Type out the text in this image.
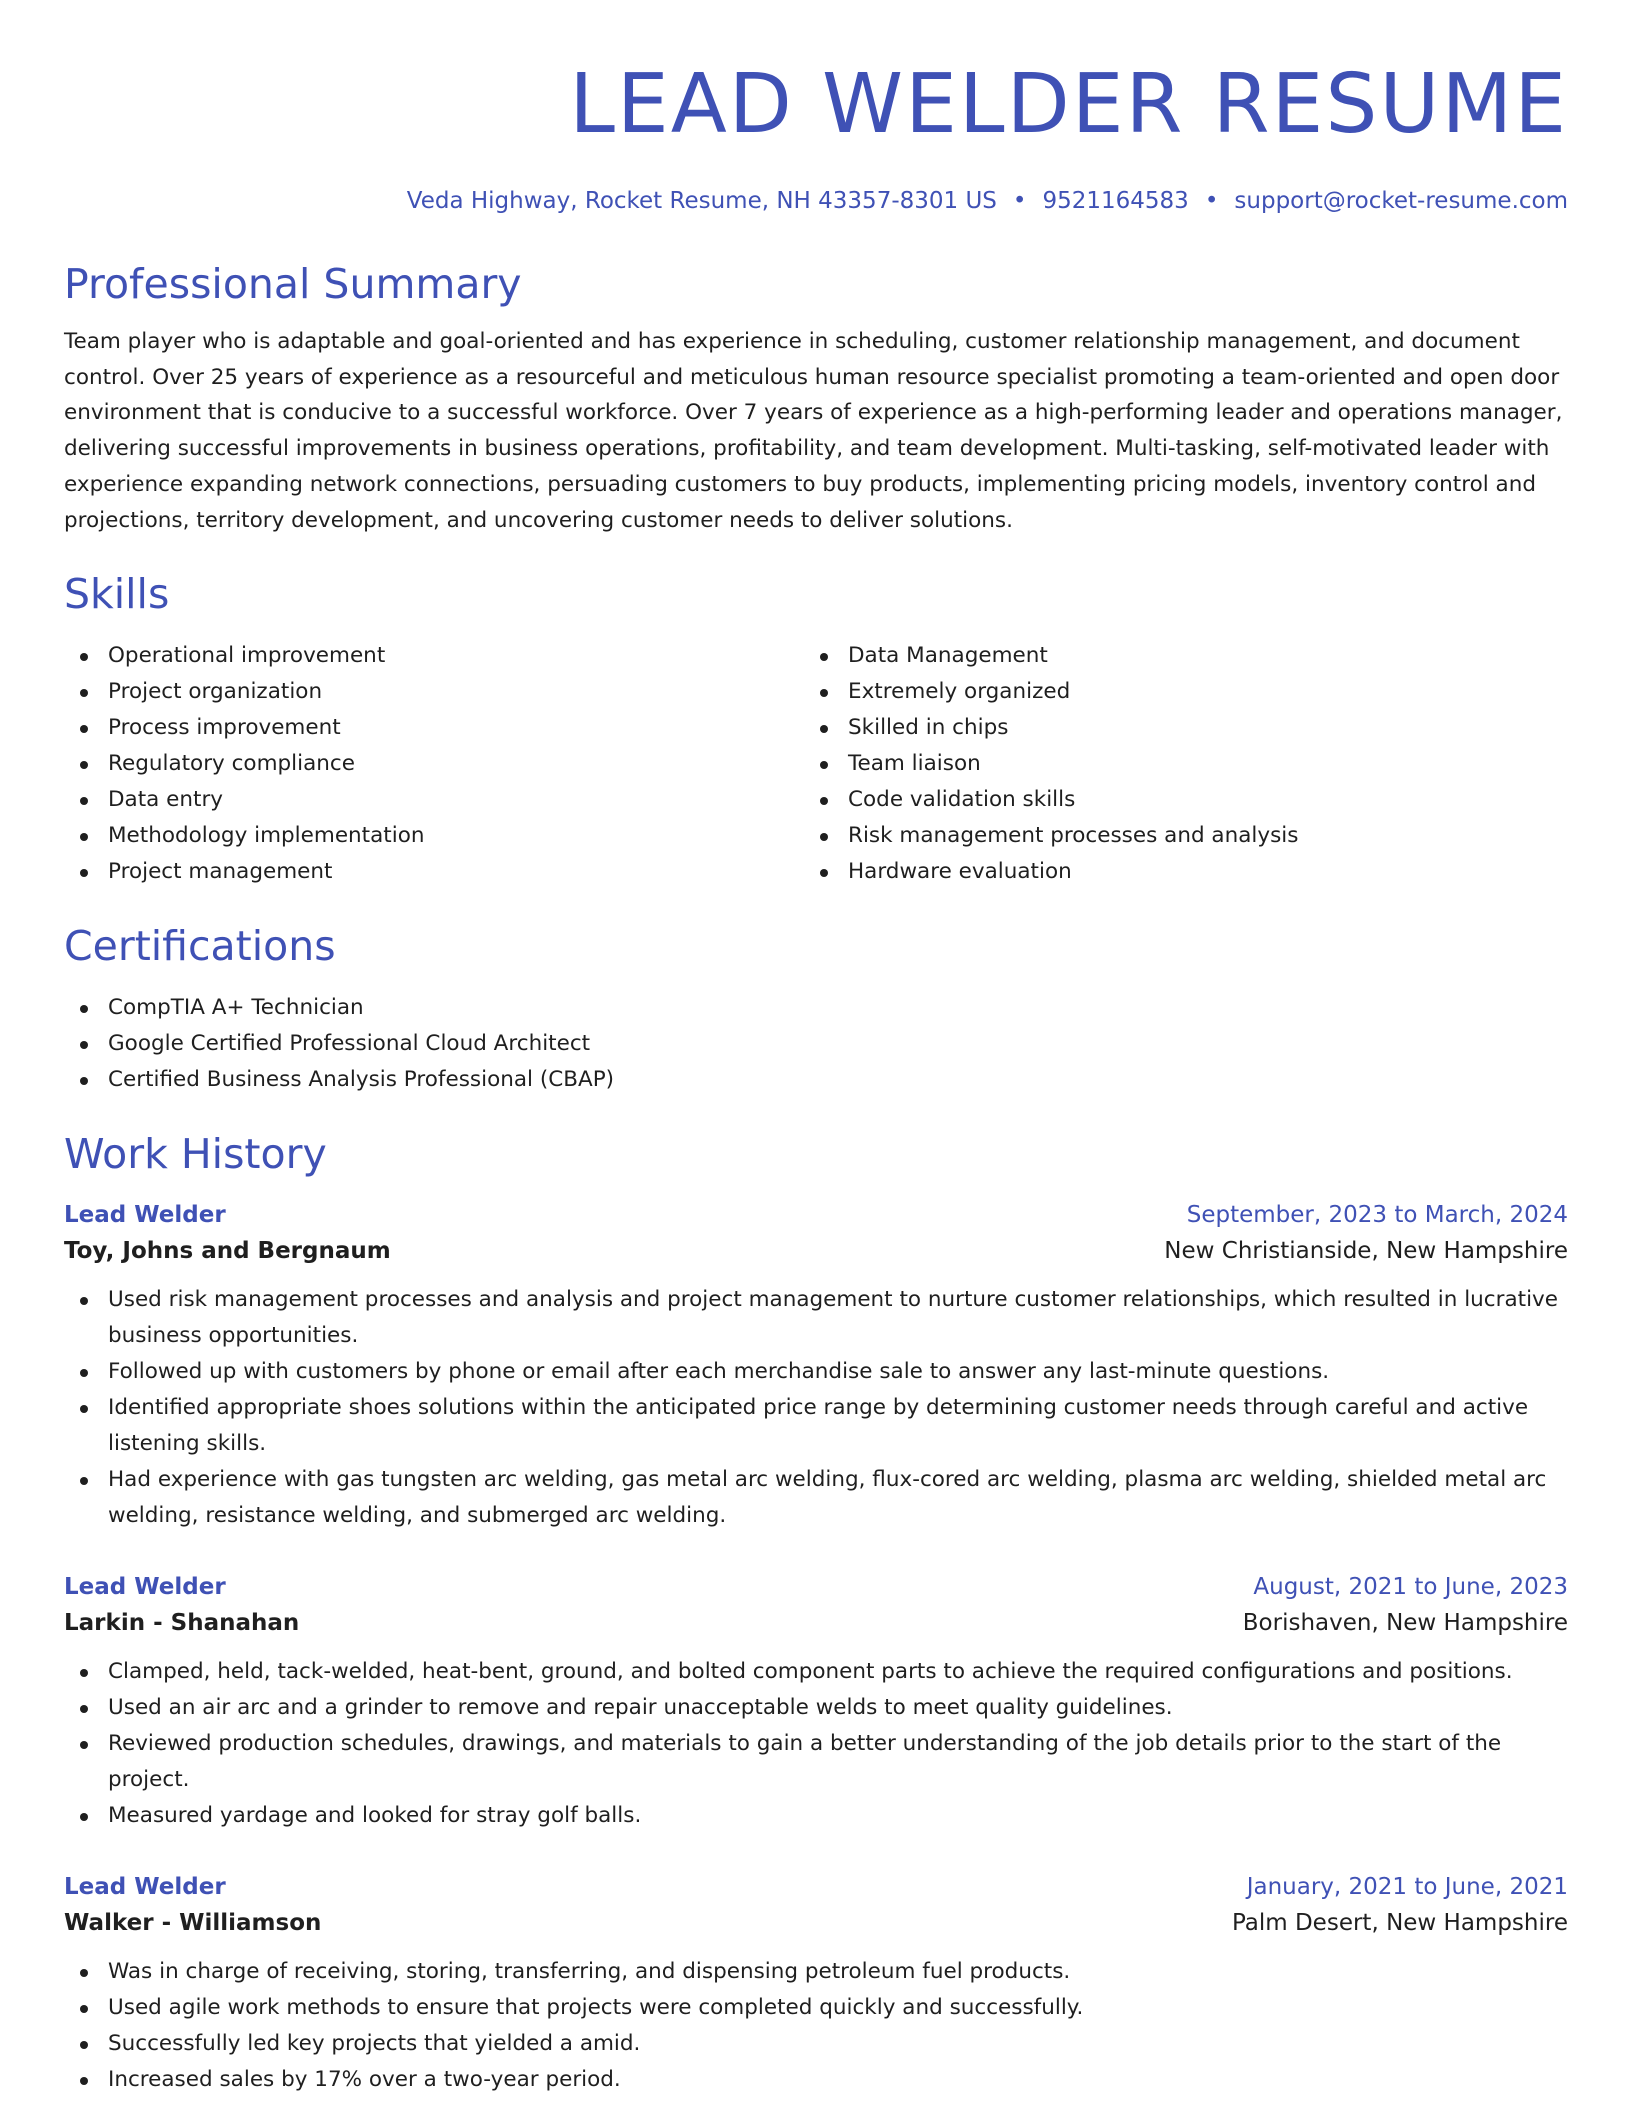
LEAD WELDER RESUME
Veda Highway, Rocket Resume, NH 43357-8301 US • 9521164583 • support@rocket-resume.com
Professional Summary

Team player who is adaptable and goal-oriented and has experience in scheduling, customer relationship management, and document control. Over 25 years of experience as a resourceful and meticulous human resource specialist promoting a team-oriented and open door environment that is conducive to a successful workforce. Over 7 years of experience as a high-performing leader and operations manager, delivering successful improvements in business operations, profitability, and team development. Multi-tasking, self-motivated leader with experience expanding network connections, persuading customers to buy products, implementing pricing models, inventory control and projections, territory development, and uncovering customer needs to deliver solutions.

Skills
Operational improvement
Project organization
Process improvement
Regulatory compliance
Data entry
Methodology implementation
Project management
Data Management
Extremely organized
Skilled in chips
Team liaison
Code validation skills
Risk management processes and analysis
Hardware evaluation
Certifications
CompTIA A+ Technician
Google Certified Professional Cloud Architect
Certified Business Analysis Professional (CBAP)
Work History
Lead Welder	September, 2023 to March, 2024
Toy, Johns and Bergnaum	New Christianside, New Hampshire
Used risk management processes and analysis and project management to nurture customer relationships, which resulted in lucrative business opportunities.
Followed up with customers by phone or email after each merchandise sale to answer any last-minute questions.
Identified appropriate shoes solutions within the anticipated price range by determining customer needs through careful and active listening skills.
Had experience with gas tungsten arc welding, gas metal arc welding, flux-cored arc welding, plasma arc welding, shielded metal arc welding, resistance welding, and submerged arc welding.
Lead Welder	August, 2021 to June, 2023
Larkin - Shanahan	Borishaven, New Hampshire
Clamped, held, tack-welded, heat-bent, ground, and bolted component parts to achieve the required configurations and positions.
Used an air arc and a grinder to remove and repair unacceptable welds to meet quality guidelines.
Reviewed production schedules, drawings, and materials to gain a better understanding of the job details prior to the start of the project.
Measured yardage and looked for stray golf balls.
Lead Welder	January, 2021 to June, 2021
Walker - Williamson	Palm Desert, New Hampshire
Was in charge of receiving, storing, transferring, and dispensing petroleum fuel products.
Used agile work methods to ensure that projects were completed quickly and successfully.
Successfully led key projects that yielded a amid.
Increased sales by 17% over a two-year period.
